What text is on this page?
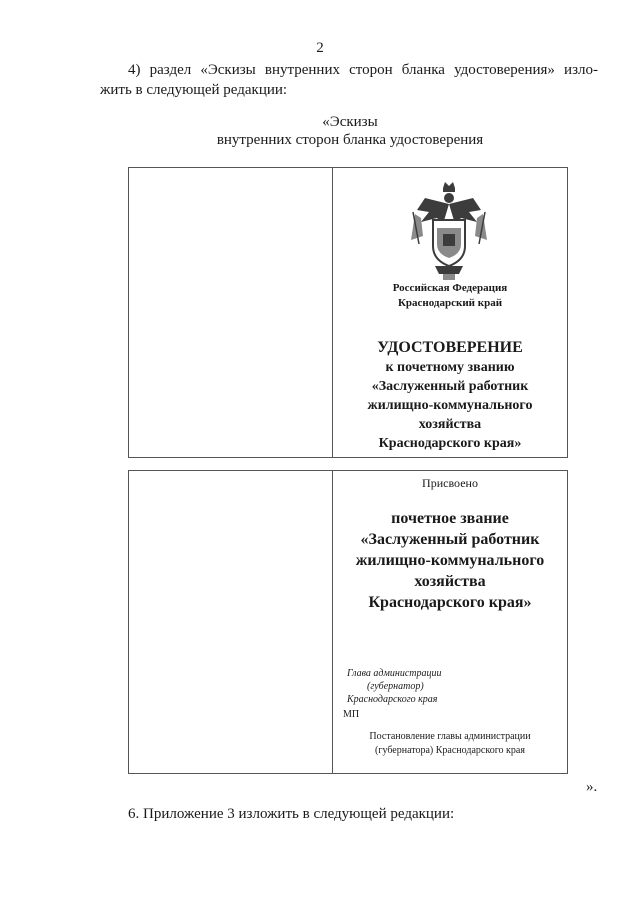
2
4) раздел «Эскизы внутренних сторон бланка удостоверения» изло-
жить в следующей редакции:
«Эскизы
внутренних сторон бланка удостоверения
Российская Федерация
Краснодарский край
УДОСТОВЕРЕНИЕ
к почетному званию
«Заслуженный работник
жилищно-коммунального
хозяйства
Краснодарского края»
Присвоено
почетное звание
«Заслуженный работник
жилищно-коммунального
хозяйства
Краснодарского края»
Глава администрации
(губернатор)
Краснодарского края
МП
Постановление главы администрации
(губернатора) Краснодарского края
».
6. Приложение 3 изложить в следующей редакции:
